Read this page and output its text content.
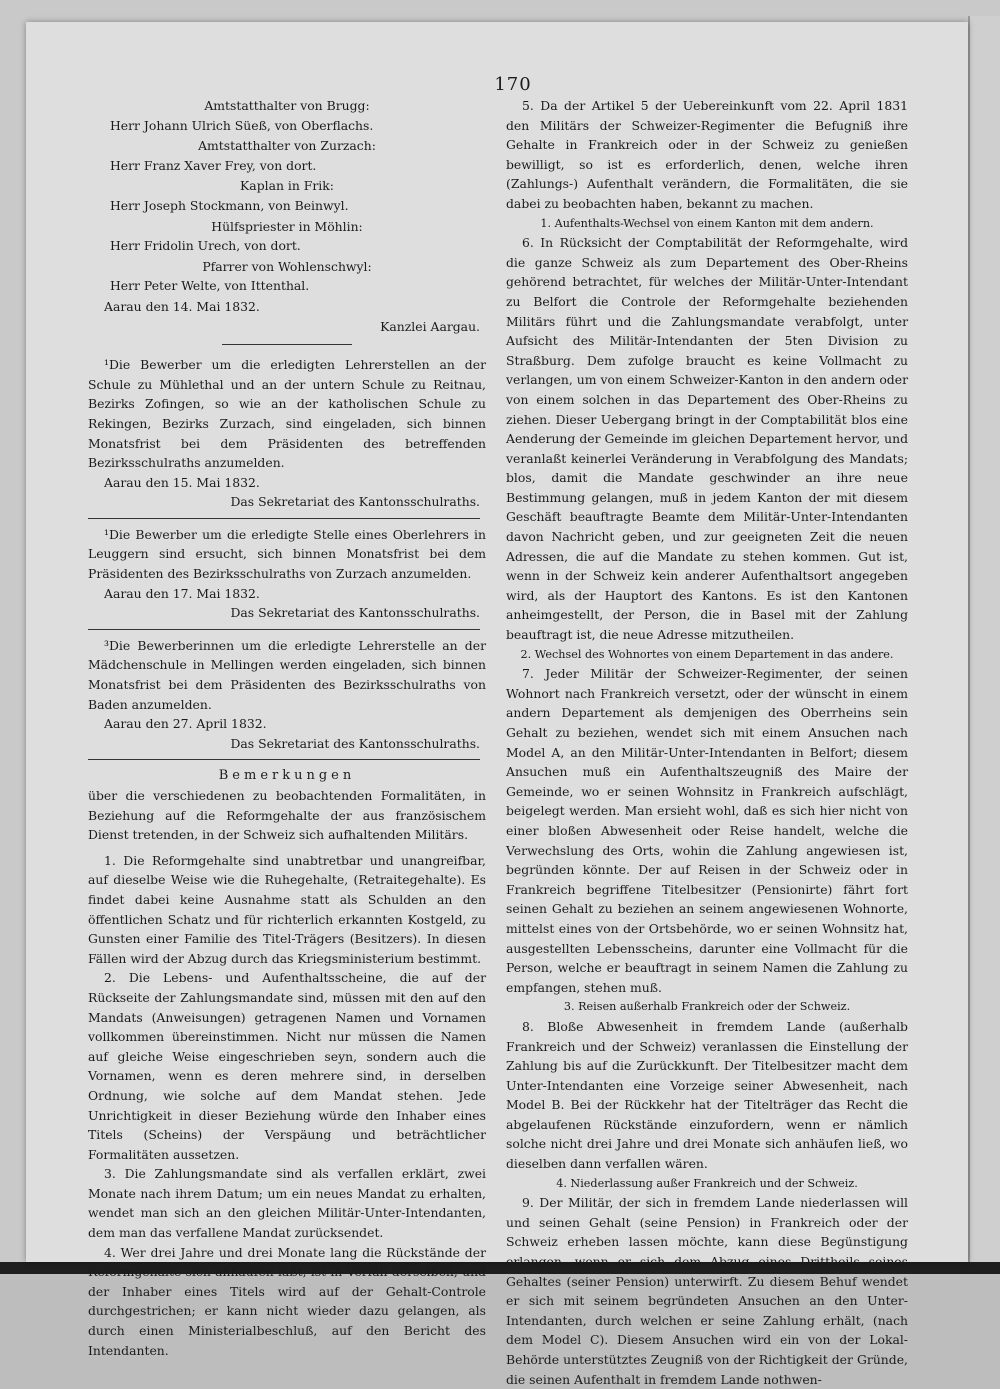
170
Amtstatthalter von Brugg:
Herr Johann Ulrich Süeß, von Oberflachs.
Amtstatthalter von Zurzach:
Herr Franz Xaver Frey, von dort.
Kaplan in Frik:
Herr Joseph Stockmann, von Beinwyl.
Hülfspriester in Möhlin:
Herr Fridolin Urech, von dort.
Pfarrer von Wohlenschwyl:
Herr Peter Welte, von Ittenthal.
Aarau den 14. Mai 1832.
Kanzlei Aargau.

¹Die Bewerber um die erledigten Lehrerstellen an der Schule zu Mühlethal und an der untern Schule zu Reitnau, Bezirks Zofingen, so wie an der katholischen Schule zu Rekingen, Bezirks Zurzach, sind eingeladen, sich binnen Monatsfrist bei dem Präsidenten des betreffenden Bezirksschulraths anzumelden.

Aarau den 15. Mai 1832.
Das Sekretariat des Kantonsschulraths.

¹Die Bewerber um die erledigte Stelle eines Oberlehrers in Leuggern sind ersucht, sich binnen Monatsfrist bei dem Präsidenten des Bezirksschulraths von Zurzach anzumelden.

Aarau den 17. Mai 1832.
Das Sekretariat des Kantonsschulraths.

³Die Bewerberinnen um die erledigte Lehrerstelle an der Mädchenschule in Mellingen werden eingeladen, sich binnen Monatsfrist bei dem Präsidenten des Bezirksschulraths von Baden anzumelden.

Aarau den 27. April 1832.
Das Sekretariat des Kantonsschulraths.
Bemerkungen

über die verschiedenen zu beobachtenden Formalitäten, in Beziehung auf die Reformgehalte der aus französischem Dienst tretenden, in der Schweiz sich aufhaltenden Militärs.

1. Die Reformgehalte sind unabtretbar und unangreifbar, auf dieselbe Weise wie die Ruhegehalte, (Retraitegehalte). Es findet dabei keine Ausnahme statt als Schulden an den öffentlichen Schatz und für richterlich erkannten Kostgeld, zu Gunsten einer Familie des Titel-Trägers (Besitzers). In diesen Fällen wird der Abzug durch das Kriegsministerium bestimmt.

2. Die Lebens- und Aufenthaltsscheine, die auf der Rückseite der Zahlungsmandate sind, müssen mit den auf den Mandats (Anweisungen) getragenen Namen und Vornamen vollkommen übereinstimmen. Nicht nur müssen die Namen auf gleiche Weise eingeschrieben seyn, sondern auch die Vornamen, wenn es deren mehrere sind, in derselben Ordnung, wie solche auf dem Mandat stehen. Jede Unrichtigkeit in dieser Beziehung würde den Inhaber eines Titels (Scheins) der Verspäung und beträchtlicher Formalitäten aussetzen.

3. Die Zahlungsmandate sind als verfallen erklärt, zwei Monate nach ihrem Datum; um ein neues Mandat zu erhalten, wendet man sich an den gleichen Militär-Unter-Intendanten, dem man das verfallene Mandat zurücksendet.

4. Wer drei Jahre und drei Monate lang die Rückstände der Reformgehalte sich anhäufen läßt, ist in Verfall derselben, und der Inhaber eines Titels wird auf der Gehalt-Controle durchgestrichen; er kann nicht wieder dazu gelangen, als durch einen Ministerialbeschluß, auf den Bericht des Intendanten.

5. Da der Artikel 5 der Uebereinkunft vom 22. April 1831 den Militärs der Schweizer-Regimenter die Befugniß ihre Gehalte in Frankreich oder in der Schweiz zu genießen bewilligt, so ist es erforderlich, denen, welche ihren (Zahlungs-) Aufenthalt verändern, die Formalitäten, die sie dabei zu beobachten haben, bekannt zu machen.

1. Aufenthalts-Wechsel von einem Kanton mit dem andern.

6. In Rücksicht der Comptabilität der Reformgehalte, wird die ganze Schweiz als zum Departement des Ober-Rheins gehörend betrachtet, für welches der Militär-Unter-Intendant zu Belfort die Controle der Reformgehalte beziehenden Militärs führt und die Zahlungsmandate verabfolgt, unter Aufsicht des Militär-Intendanten der 5ten Division zu Straßburg. Dem zufolge braucht es keine Vollmacht zu verlangen, um von einem Schweizer-Kanton in den andern oder von einem solchen in das Departement des Ober-Rheins zu ziehen. Dieser Uebergang bringt in der Comptabilität blos eine Aenderung der Gemeinde im gleichen Departement hervor, und veranlaßt keinerlei Veränderung in Verabfolgung des Mandats; blos, damit die Mandate geschwinder an ihre neue Bestimmung gelangen, muß in jedem Kanton der mit diesem Geschäft beauftragte Beamte dem Militär-Unter-Intendanten davon Nachricht geben, und zur geeigneten Zeit die neuen Adressen, die auf die Mandate zu stehen kommen. Gut ist, wenn in der Schweiz kein anderer Aufenthaltsort angegeben wird, als der Hauptort des Kantons. Es ist den Kantonen anheimgestellt, der Person, die in Basel mit der Zahlung beauftragt ist, die neue Adresse mitzutheilen.

2. Wechsel des Wohnortes von einem Departement in das andere.

7. Jeder Militär der Schweizer-Regimenter, der seinen Wohnort nach Frankreich versetzt, oder der wünscht in einem andern Departement als demjenigen des Oberrheins sein Gehalt zu beziehen, wendet sich mit einem Ansuchen nach Model A, an den Militär-Unter-Intendanten in Belfort; diesem Ansuchen muß ein Aufenthaltszeugniß des Maire der Gemeinde, wo er seinen Wohnsitz in Frankreich aufschlägt, beigelegt werden. Man ersieht wohl, daß es sich hier nicht von einer bloßen Abwesenheit oder Reise handelt, welche die Verwechslung des Orts, wohin die Zahlung angewiesen ist, begründen könnte. Der auf Reisen in der Schweiz oder in Frankreich begriffene Titelbesitzer (Pensionirte) fährt fort seinen Gehalt zu beziehen an seinem angewiesenen Wohnorte, mittelst eines von der Ortsbehörde, wo er seinen Wohnsitz hat, ausgestellten Lebensscheins, darunter eine Vollmacht für die Person, welche er beauftragt in seinem Namen die Zahlung zu empfangen, stehen muß.

3. Reisen außerhalb Frankreich oder der Schweiz.

8. Bloße Abwesenheit in fremdem Lande (außerhalb Frankreich und der Schweiz) veranlassen die Einstellung der Zahlung bis auf die Zurückkunft. Der Titelbesitzer macht dem Unter-Intendanten eine Vorzeige seiner Abwesenheit, nach Model B. Bei der Rückkehr hat der Titelträger das Recht die abgelaufenen Rückstände einzufordern, wenn er nämlich solche nicht drei Jahre und drei Monate sich anhäufen ließ, wo dieselben dann verfallen wären.

4. Niederlassung außer Frankreich und der Schweiz.

9. Der Militär, der sich in fremdem Lande niederlassen will und seinen Gehalt (seine Pension) in Frankreich oder der Schweiz erheben lassen möchte, kann diese Begünstigung erlangen, wenn er sich dem Abzug eines Drittheils seines Gehaltes (seiner Pension) unterwirft. Zu diesem Behuf wendet er sich mit seinem begründeten Ansuchen an den Unter-Intendanten, durch welchen er seine Zahlung erhält, (nach dem Model C). Diesem Ansuchen wird ein von der Lokal-Behörde unterstütztes Zeugniß von der Richtigkeit der Gründe, die seinen Aufenthalt in fremdem Lande nothwen-
